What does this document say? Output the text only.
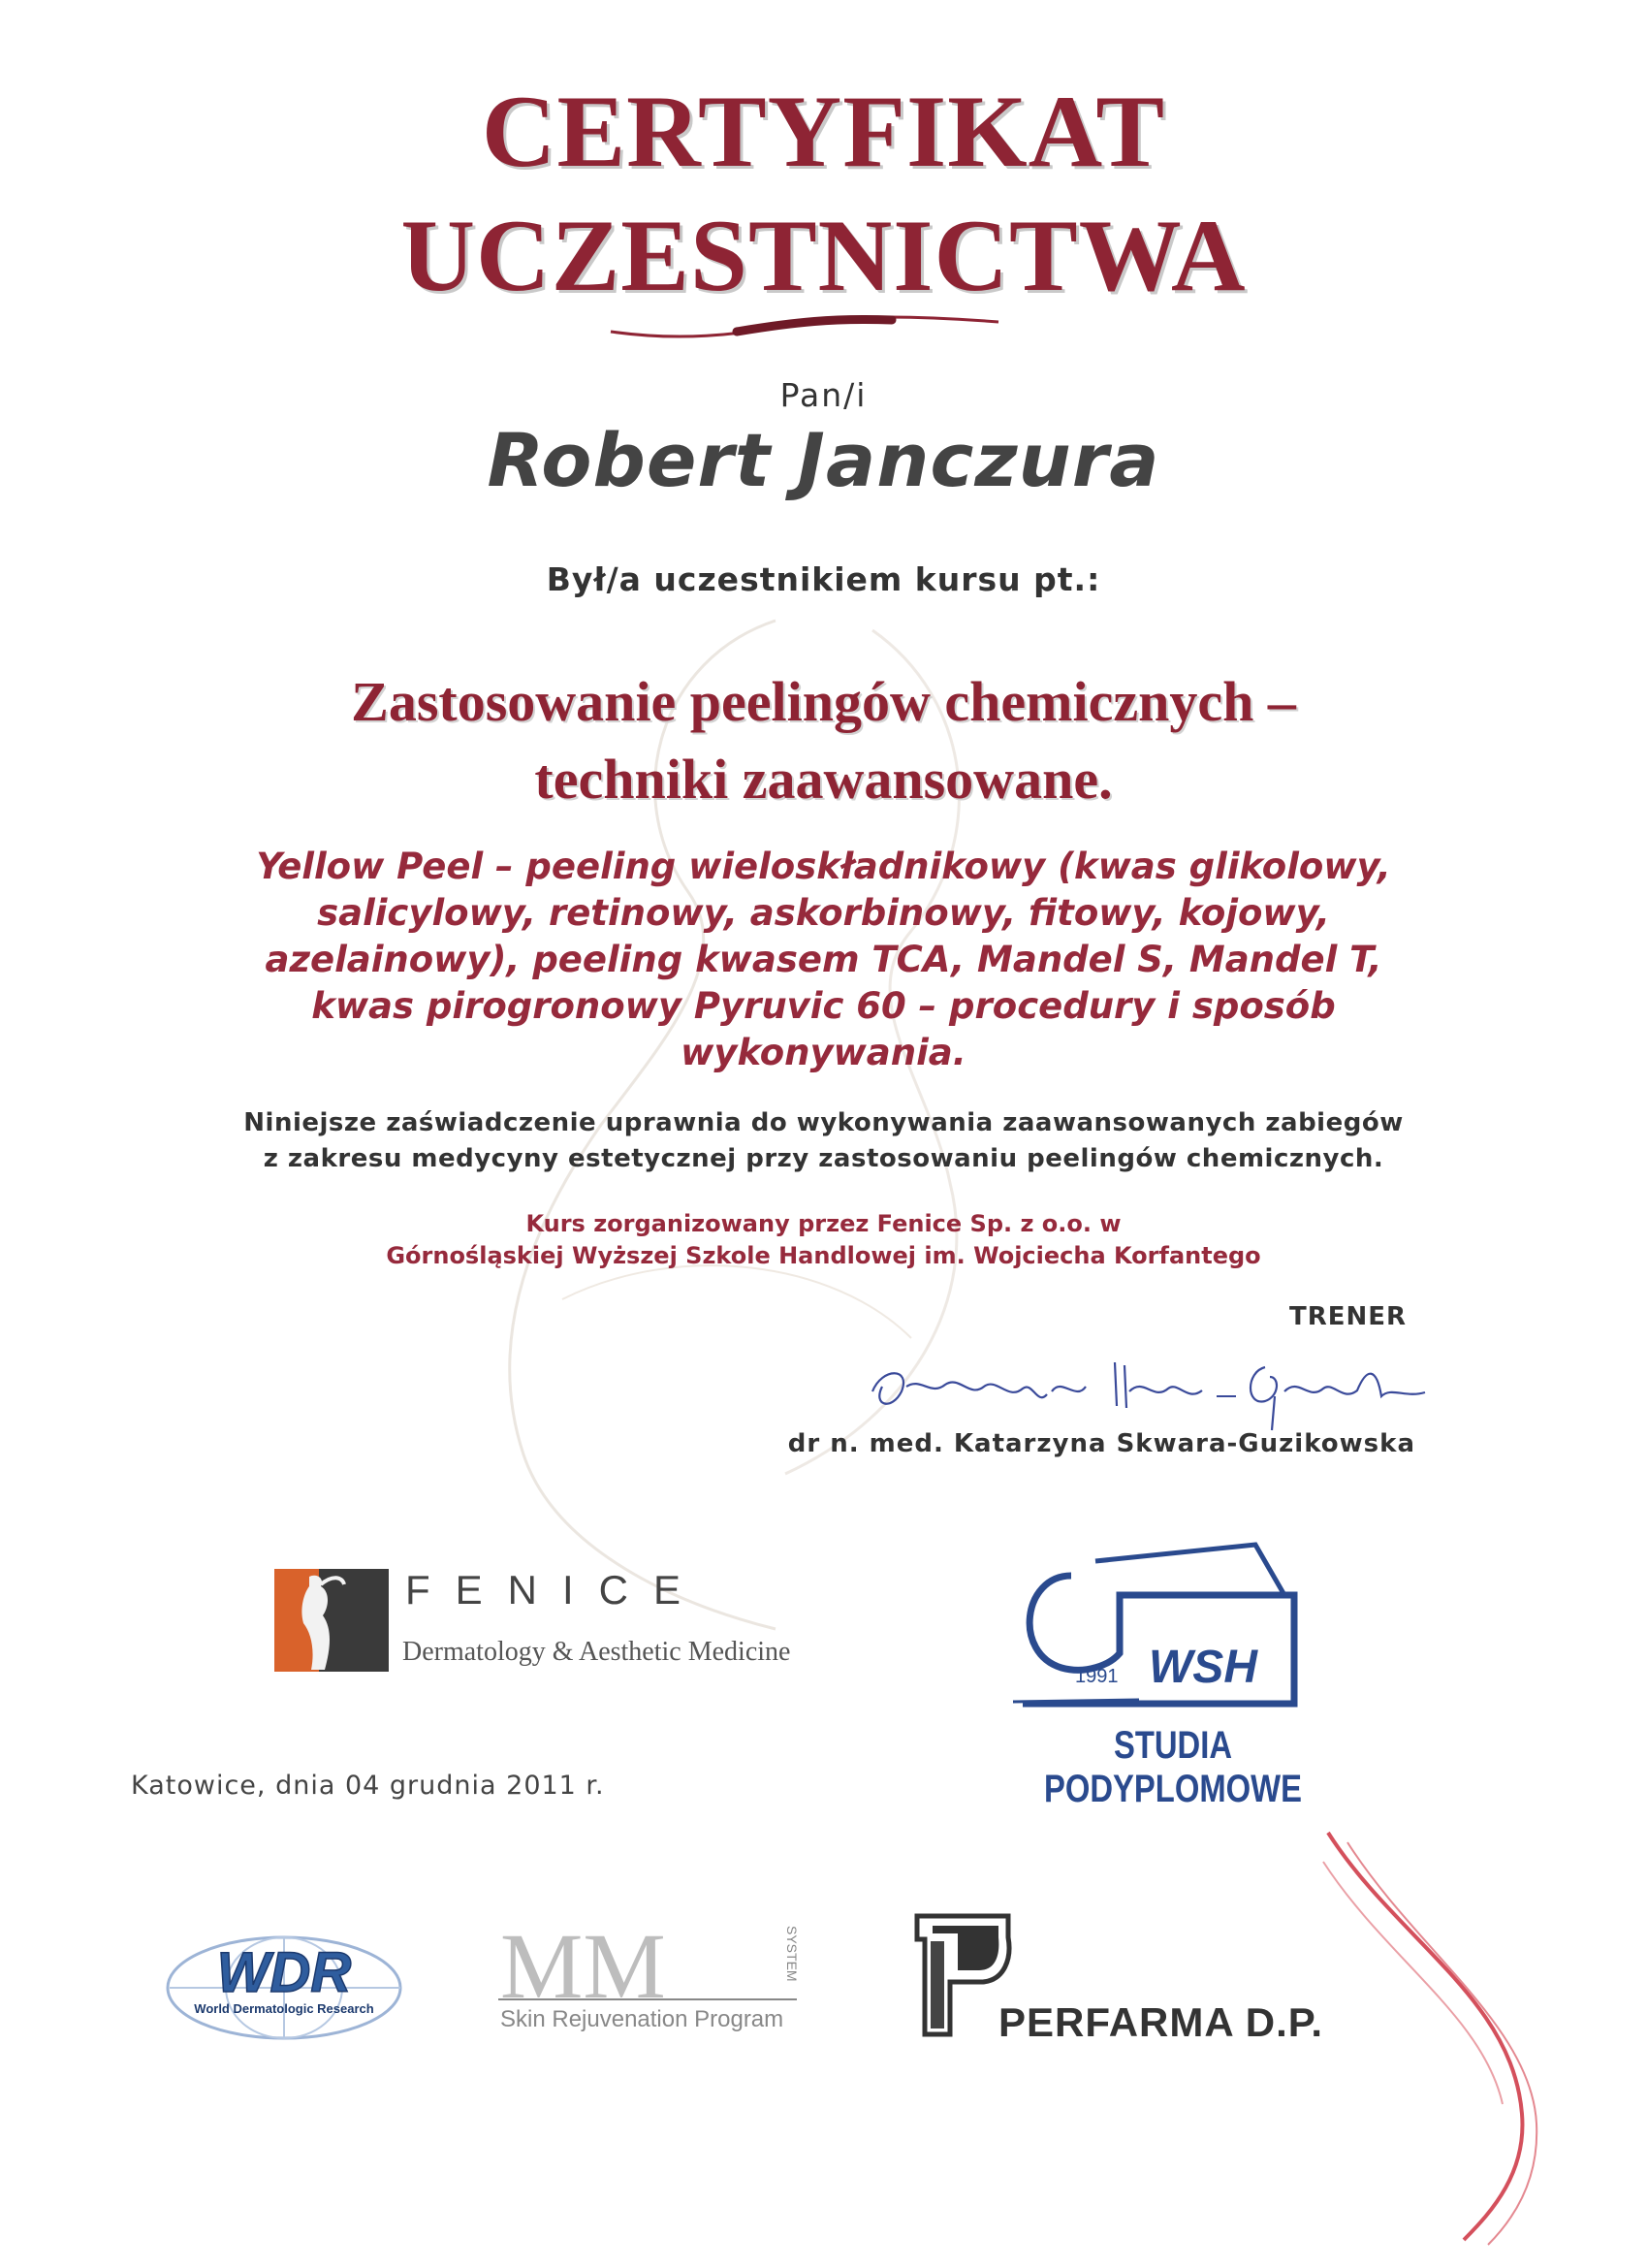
CERTYFIKAT
UCZESTNICTWA
Pan/i
Robert Janczura
Był/a uczestnikiem kursu pt.:
Zastosowanie peelingów chemicznych –
techniki zaawansowane.
Yellow Peel – peeling wieloskładnikowy (kwas glikolowy,
salicylowy, retinowy, askorbinowy, fitowy, kojowy,
azelainowy), peeling kwasem TCA, Mandel S, Mandel T,
kwas pirogronowy Pyruvic 60 – procedury i sposób
wykonywania.
Niniejsze zaświadczenie uprawnia do wykonywania zaawansowanych zabiegów
z zakresu medycyny estetycznej przy zastosowaniu peelingów chemicznych.
Kurs zorganizowany przez Fenice Sp. z o.o. w
Górnośląskiej Wyższej Szkole Handlowej im. Wojciecha Korfantego
TRENER
Katarzyna Skwara-Guzikowska
dr n. med. Katarzyna Skwara-Guzikowska
FENICE
Dermatology & Aesthetic Medicine
1991 WSH
STUDIA PODYPLOMOWE
Katowice, dnia 04 grudnia 2011 r.
WDR
World Dermatologic Research MM	SYSTEM
Skin Rejuvenation Program	PERFARMA D.P.
